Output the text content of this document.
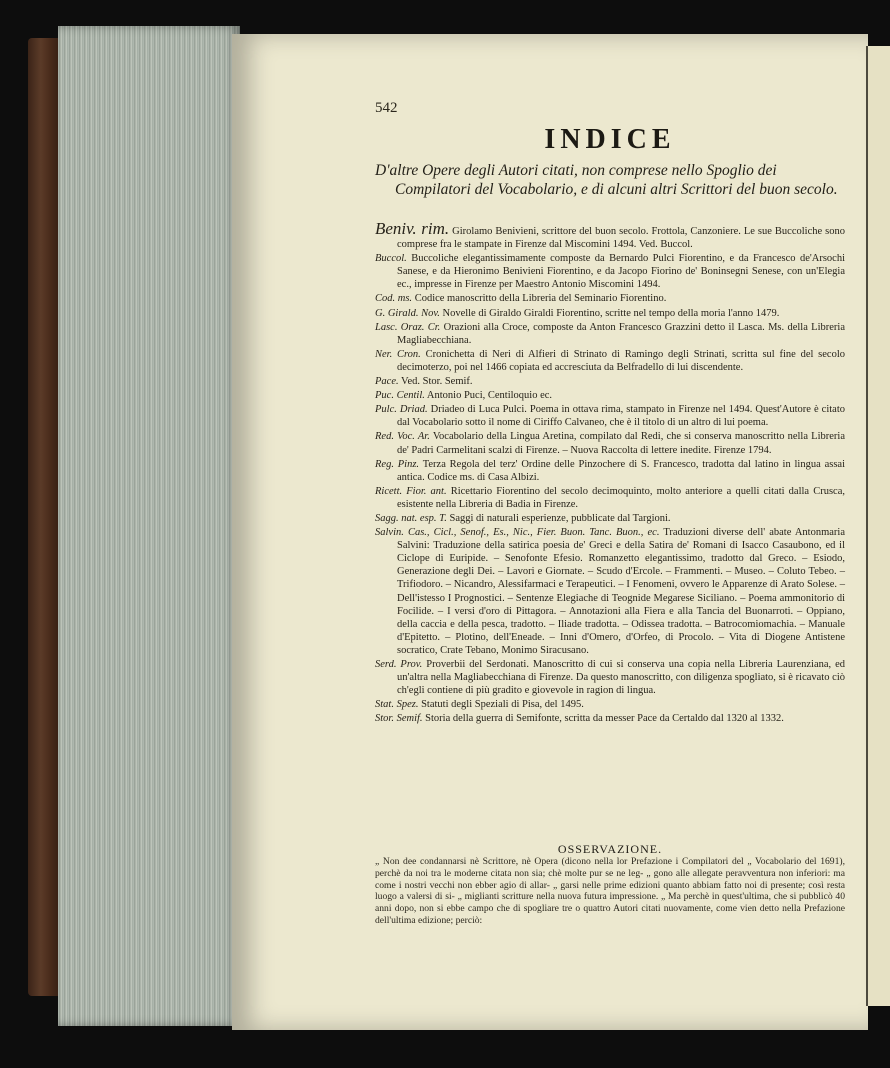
542
INDICE
D'altre Opere degli Autori citati, non comprese nello Spoglio dei Compilatori del Vocabolario, e di alcuni altri Scrittori del buon secolo.

Beniv. rim. Girolamo Benivieni, scrittore del buon secolo. Frottola, Canzoniere. Le sue Buccoliche sono comprese fra le stampate in Firenze dal Miscomini 1494. Ved. Buccol.

Buccol. Buccoliche elegantissimamente composte da Bernardo Pulci Fiorentino, e da Francesco de'Arsochi Sanese, e da Hieronimo Benivieni Fiorentino, e da Jacopo Fiorino de' Boninsegni Senese, con un'Elegia ec., impresse in Firenze per Maestro Antonio Miscomini 1494.

Cod. ms. Codice manoscritto della Libreria del Seminario Fiorentino.

G. Girald. Nov. Novelle di Giraldo Giraldi Fiorentino, scritte nel tempo della moria l'anno 1479.

Lasc. Oraz. Cr. Orazioni alla Croce, composte da Anton Francesco Grazzini detto il Lasca. Ms. della Libreria Magliabecchiana.

Ner. Cron. Cronichetta di Neri di Alfieri di Strinato di Ramingo degli Strinati, scritta sul fine del secolo decimoterzo, poi nel 1466 copiata ed accresciuta da Belfradello di lui discendente.

Pace. Ved. Stor. Semif.

Puc. Centil. Antonio Puci, Centiloquio ec.

Pulc. Driad. Driadeo di Luca Pulci. Poema in ottava rima, stampato in Firenze nel 1494. Quest'Autore è citato dal Vocabolario sotto il nome di Ciriffo Calvaneo, che è il titolo di un altro di lui poema.

Red. Voc. Ar. Vocabolario della Lingua Aretina, compilato dal Redi, che si conserva manoscritto nella Libreria de' Padri Carmelitani scalzi di Firenze. – Nuova Raccolta di lettere inedite. Firenze 1794.

Reg. Pinz. Terza Regola del terz' Ordine delle Pinzochere di S. Francesco, tradotta dal latino in lingua assai antica. Codice ms. di Casa Albizi.

Ricett. Fior. ant. Ricettario Fiorentino del secolo decimoquinto, molto anteriore a quelli citati dalla Crusca, esistente nella Libreria di Badia in Firenze.

Sagg. nat. esp. T. Saggi di naturali esperienze, pubblicate dal Targioni.

Salvin. Cas., Cicl., Senof., Es., Nic., Fier. Buon. Tanc. Buon., ec. Traduzioni diverse dell' abate Antonmaria Salvini: Traduzione della satirica poesia de' Greci e della Satira de' Romani di Isacco Casaubono, ed il Ciclope di Euripide. – Senofonte Efesio. Romanzetto elegantissimo, tradotto dal Greco. – Esiodo, Generazione degli Dei. – Lavori e Giornate. – Scudo d'Ercole. – Frammenti. – Museo. – Coluto Tebeo. – Trifiodoro. – Nicandro, Alessifarmaci e Terapeutici. – I Fenomeni, ovvero le Apparenze di Arato Solese. – Dell'istesso I Prognostici. – Sentenze Elegiache di Teognide Megarese Siciliano. – Poema ammonitorio di Focilide. – I versi d'oro di Pittagora. – Annotazioni alla Fiera e alla Tancia del Buonarroti. – Oppiano, della caccia e della pesca, tradotto. – Iliade tradotta. – Odissea tradotta. – Batrocomiomachia. – Manuale d'Epitetto. – Plotino, dell'Eneade. – Inni d'Omero, d'Orfeo, di Procolo. – Vita di Diogene Antistene socratico, Crate Tebano, Monimo Siracusano.

Serd. Prov. Proverbii del Serdonati. Manoscritto di cui si conserva una copia nella Libreria Laurenziana, ed un'altra nella Magliabecchiana di Firenze. Da questo manoscritto, con diligenza spogliato, si è ricavato ciò ch'egli contiene di più gradito e giovevole in ragion di lingua.

Stat. Spez. Statuti degli Speziali di Pisa, del 1495.

Stor. Semif. Storia della guerra di Semifonte, scritta da messer Pace da Certaldo dal 1320 al 1332.

OSSERVAZIONE.
„ Non dee condannarsi nè Scrittore, nè Opera (dicono nella lor Prefazione i Compilatori del „ Vocabolario del 1691), perchè da noi tra le moderne citata non sia; chè molte pur se ne leg- „ gono alle allegate peravventura non inferiori: ma come i nostri vecchi non ebber agio di allar- „ garsi nelle prime edizioni quanto abbiam fatto noi di presente; così resta luogo a valersi di si- „ miglianti scritture nella nuova futura impressione. „ Ma perchè in quest'ultima, che si pubblicò 40 anni dopo, non si ebbe campo che di spogliare tre o quattro Autori citati nuovamente, come vien detto nella Prefazione dell'ultima edizione; perciò:
